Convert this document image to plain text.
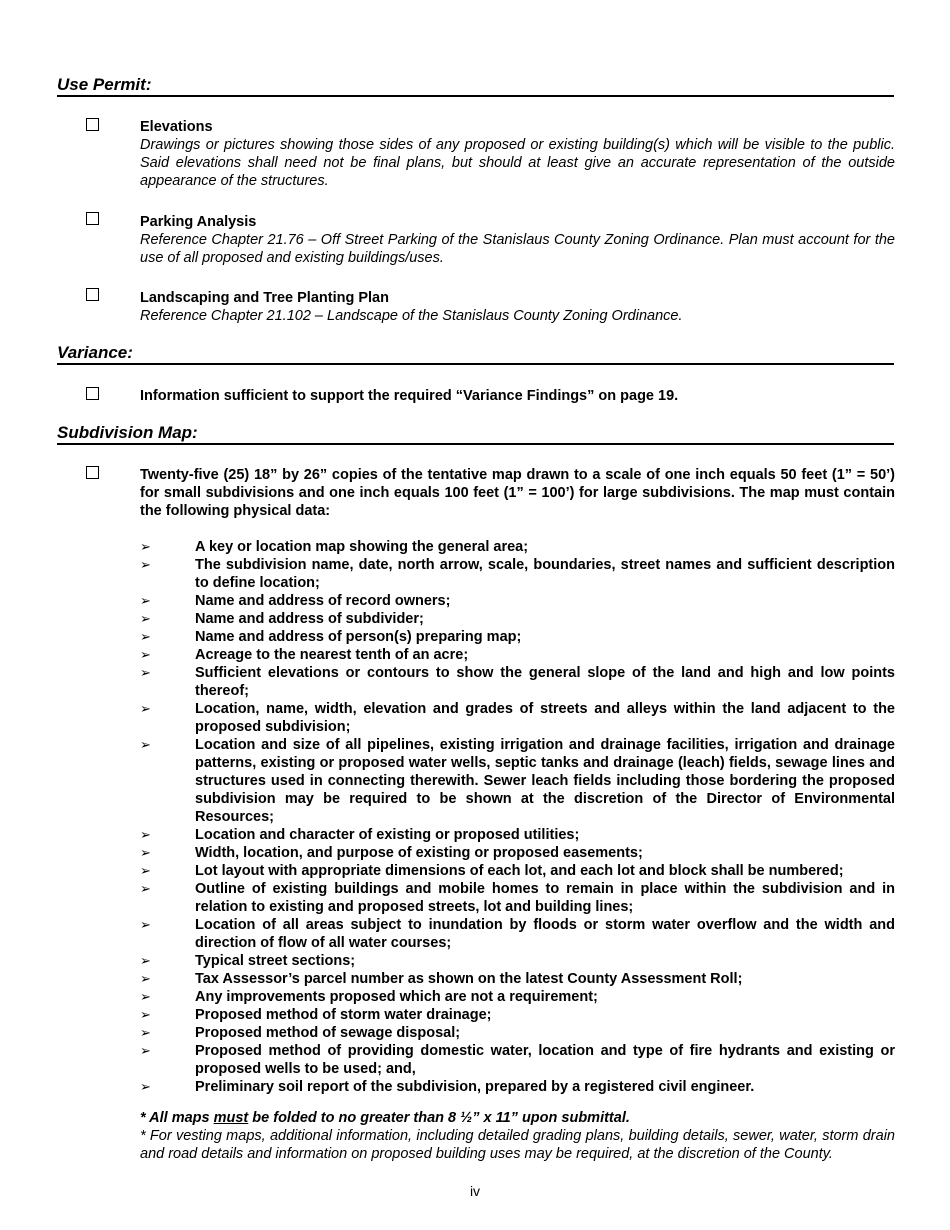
Use Permit:
Elevations
Drawings or pictures showing those sides of any proposed or existing building(s) which will be visible to the public. Said elevations shall need not be final plans, but should at least give an accurate representation of the outside appearance of the structures.
Parking Analysis
Reference Chapter 21.76 – Off Street Parking of the Stanislaus County Zoning Ordinance. Plan must account for the use of all proposed and existing buildings/uses.
Landscaping and Tree Planting Plan
Reference Chapter 21.102 – Landscape of the Stanislaus County Zoning Ordinance.
Variance:
Information sufficient to support the required “Variance Findings” on page 19.
Subdivision Map:
Twenty-five (25) 18” by 26” copies of the tentative map drawn to a scale of one inch equals 50 feet (1” = 50’) for small subdivisions and one inch equals 100 feet (1” = 100’) for large subdivisions. The map must contain the following physical data:
➢	A key or location map showing the general area;
➢	The subdivision name, date, north arrow, scale, boundaries, street names and sufficient description to define location;
➢	Name and address of record owners;
➢	Name and address of subdivider;
➢	Name and address of person(s) preparing map;
➢	Acreage to the nearest tenth of an acre;
➢	Sufficient elevations or contours to show the general slope of the land and high and low points thereof;
➢	Location, name, width, elevation and grades of streets and alleys within the land adjacent to the proposed subdivision;
➢	Location and size of all pipelines, existing irrigation and drainage facilities, irrigation and drainage patterns, existing or proposed water wells, septic tanks and drainage (leach) fields, sewage lines and structures used in connecting therewith. Sewer leach fields including those bordering the proposed subdivision may be required to be shown at the discretion of the Director of Environmental Resources;
➢	Location and character of existing or proposed utilities;
➢	Width, location, and purpose of existing or proposed easements;
➢	Lot layout with appropriate dimensions of each lot, and each lot and block shall be numbered;
➢	Outline of existing buildings and mobile homes to remain in place within the subdivision and in relation to existing and proposed streets, lot and building lines;
➢	Location of all areas subject to inundation by floods or storm water overflow and the width and direction of flow of all water courses;
➢	Typical street sections;
➢	Tax Assessor’s parcel number as shown on the latest County Assessment Roll;
➢	Any improvements proposed which are not a requirement;
➢	Proposed method of storm water drainage;
➢	Proposed method of sewage disposal;
➢	Proposed method of providing domestic water, location and type of fire hydrants and existing or proposed wells to be used; and,
➢	Preliminary soil report of the subdivision, prepared by a registered civil engineer.
* All maps must be folded to no greater than 8 ½” x 11” upon submittal.
* For vesting maps, additional information, including detailed grading plans, building details, sewer, water, storm drain and road details and information on proposed building uses may be required, at the discretion of the County.
iv
